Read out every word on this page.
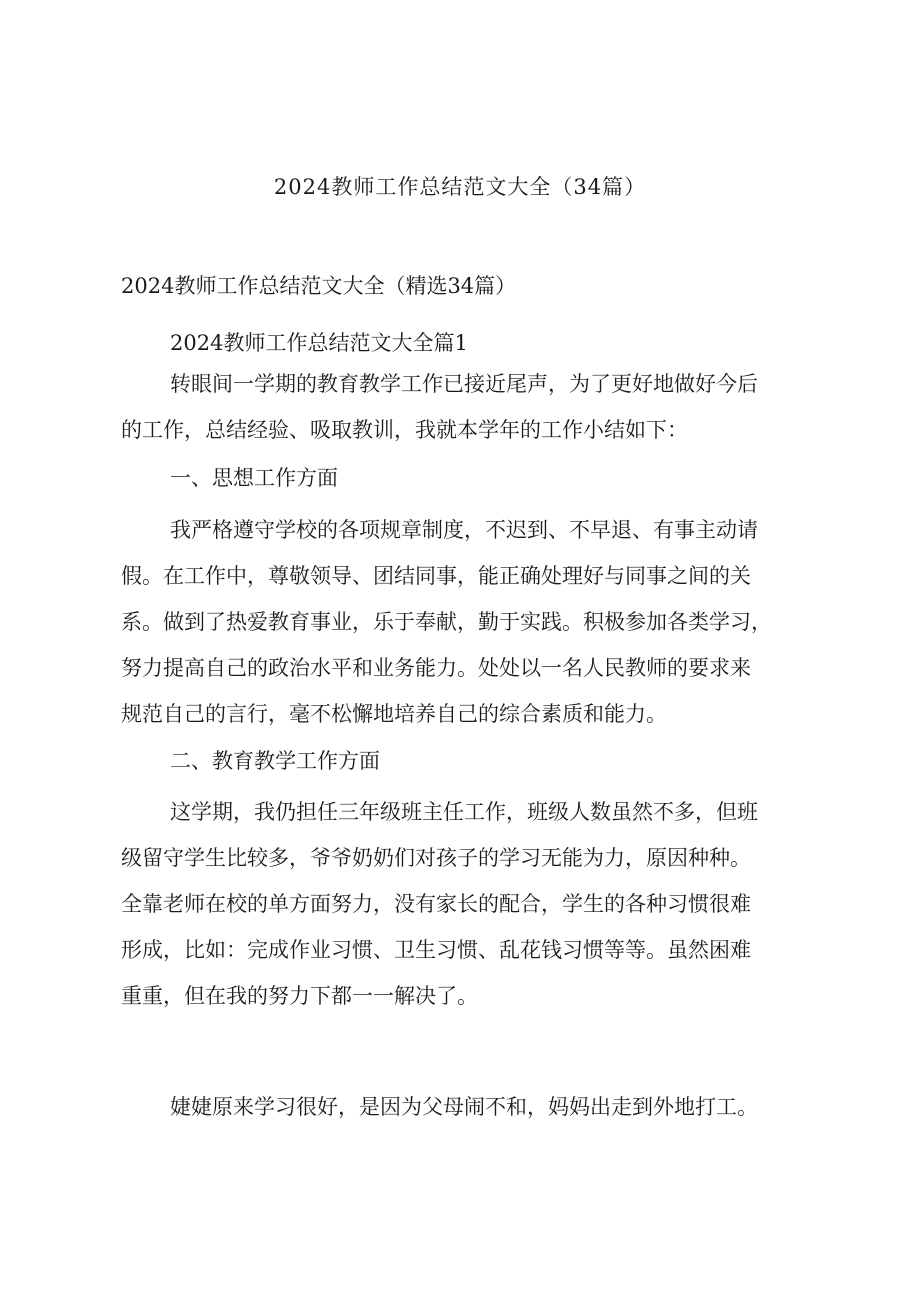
2024教师工作总结范文大全（34篇）
2024教师工作总结范文大全（精选34篇）

2024教师工作总结范文大全篇1

转眼间一学期的教育教学工作已接近尾声，为了更好地做好今后
的工作，总结经验、吸取教训，我就本学年的工作小结如下：

一、思想工作方面

我严格遵守学校的各项规章制度，不迟到、不早退、有事主动请
假。在工作中，尊敬领导、团结同事，能正确处理好与同事之间的关
系。做到了热爱教育事业，乐于奉献，勤于实践。积极参加各类学习，
努力提高自己的政治水平和业务能力。处处以一名人民教师的要求来
规范自己的言行，毫不松懈地培养自己的综合素质和能力。

二、教育教学工作方面

这学期，我仍担任三年级班主任工作，班级人数虽然不多，但班
级留守学生比较多，爷爷奶奶们对孩子的学习无能为力，原因种种。
全靠老师在校的单方面努力，没有家长的配合，学生的各种习惯很难
形成，比如：完成作业习惯、卫生习惯、乱花钱习惯等等。虽然困难
重重，但在我的努力下都一一解决了。

婕婕原来学习很好，是因为父母闹不和，妈妈出走到外地打工。
